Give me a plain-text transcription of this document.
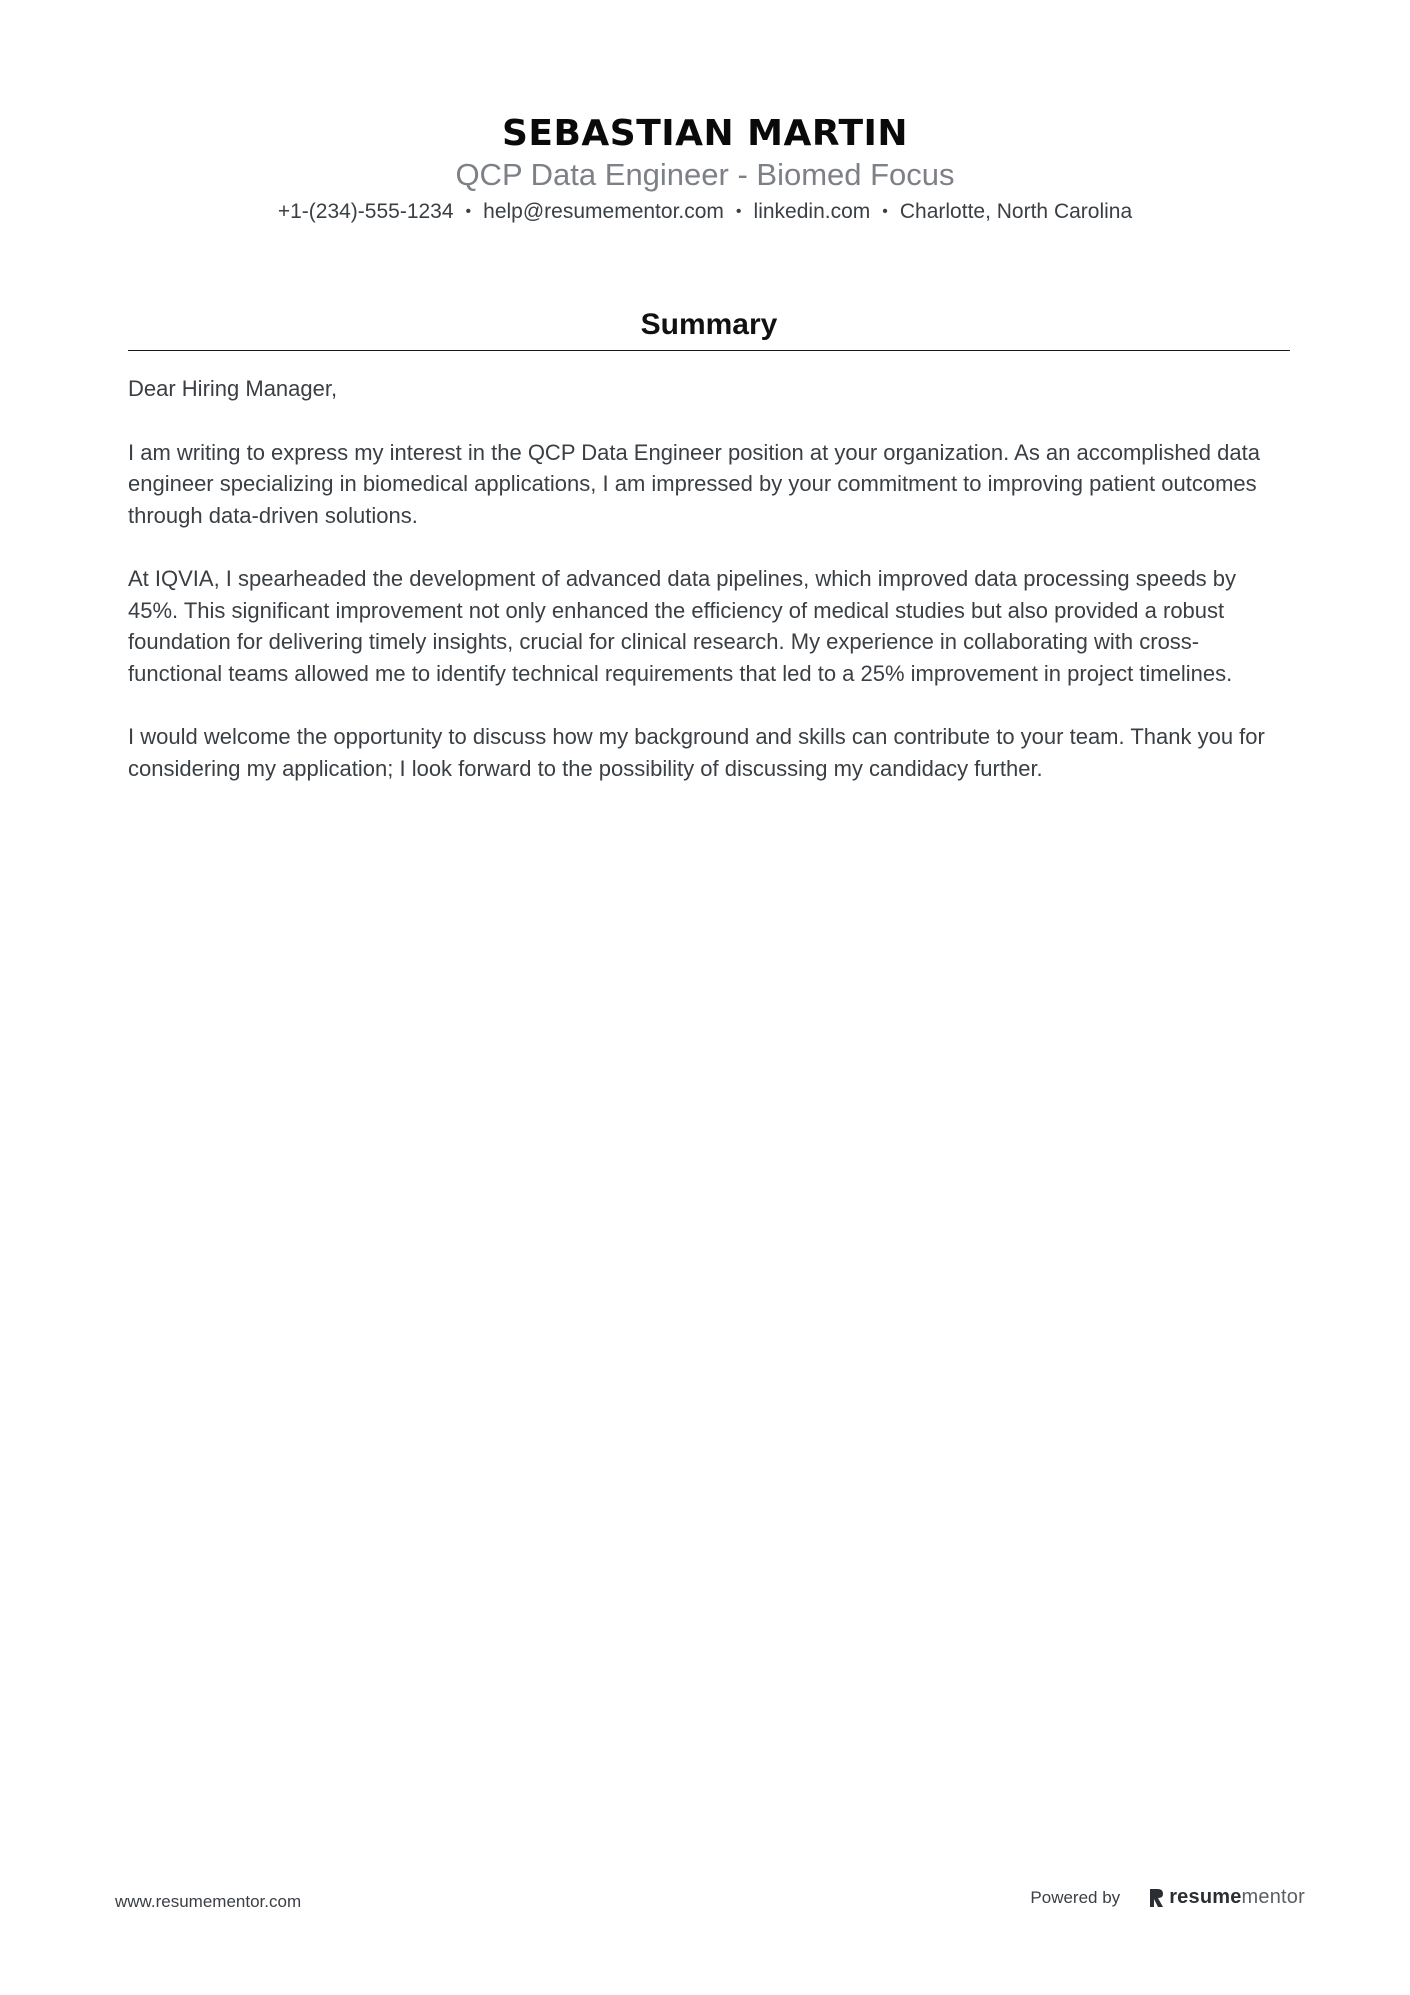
SEBASTIAN MARTIN
QCP Data Engineer - Biomed Focus
+1-(234)-555-1234 • help@resumementor.com • linkedin.com • Charlotte, North Carolina
Summary

Dear Hiring Manager,

I am writing to express my interest in the QCP Data Engineer position at your organization. As an accomplished data engineer specializing in biomedical applications, I am impressed by your commitment to improving patient outcomes through data-driven solutions.

At IQVIA, I spearheaded the development of advanced data pipelines, which improved data processing speeds by 45%. This significant improvement not only enhanced the efficiency of medical studies but also provided a robust foundation for delivering timely insights, crucial for clinical research. My experience in collaborating with cross-functional teams allowed me to identify technical requirements that led to a 25% improvement in project timelines.

I would welcome the opportunity to discuss how my background and skills can contribute to your team. Thank you for considering my application; I look forward to the possibility of discussing my candidacy further.

www.resumementor.com	Powered by resume mentor
